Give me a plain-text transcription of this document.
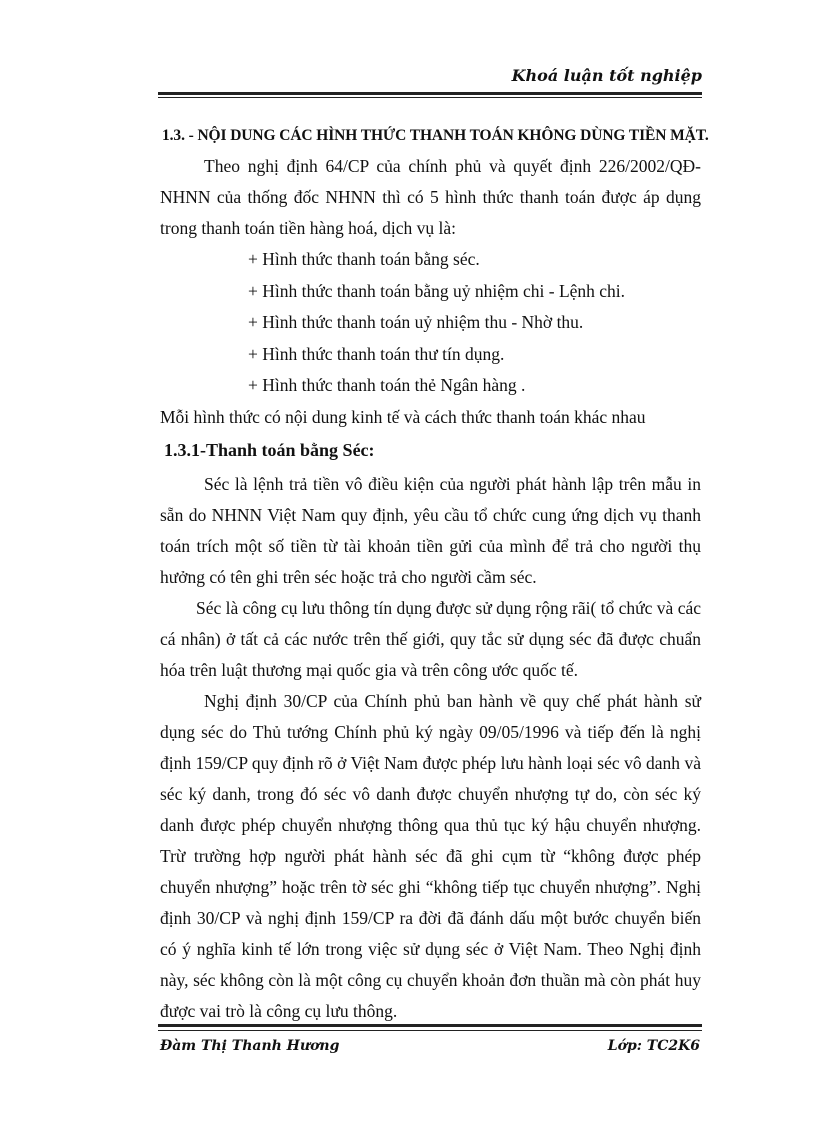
Khoá luận tốt nghiệp
1.3. - NỘI DUNG CÁC HÌNH THỨC THANH TOÁN KHÔNG DÙNG TIỀN MẶT.

Theo nghị định 64/CP của chính phủ và quyết định 226/2002/QĐ-NHNN của thống đốc NHNN thì có 5 hình thức thanh toán được áp dụng trong thanh toán tiền hàng hoá, dịch vụ là:

+ Hình thức thanh toán bằng séc.
+ Hình thức thanh toán bằng uỷ nhiệm chi - Lệnh chi.
+ Hình thức thanh toán uỷ nhiệm thu - Nhờ thu.
+ Hình thức thanh toán thư tín dụng.
+ Hình thức thanh toán thẻ Ngân hàng .

Mỗi hình thức có nội dung kinh tế và cách thức thanh toán khác nhau

1.3.1-Thanh toán bằng Séc:

Séc là lệnh trả tiền vô điều kiện của người phát hành lập trên mẫu in sẵn do NHNN Việt Nam quy định, yêu cầu tổ chức cung ứng dịch vụ thanh toán trích một số tiền từ tài khoản tiền gửi của mình để trả cho người thụ hưởng có tên ghi trên séc hoặc trả cho người cầm séc.

Séc là công cụ lưu thông tín dụng được sử dụng rộng rãi( tổ chức và các cá nhân) ở tất cả các nước trên thế giới, quy tắc sử dụng séc đã được chuẩn hóa trên luật thương mại quốc gia và trên công ước quốc tế.

Nghị định 30/CP của Chính phủ ban hành về quy chế phát hành sử dụng séc do Thủ tướng Chính phủ ký ngày 09/05/1996 và tiếp đến là nghị định 159/CP quy định rõ ở Việt Nam được phép lưu hành loại séc vô danh và séc ký danh, trong đó séc vô danh được chuyển nhượng tự do, còn séc ký danh được phép chuyển nhượng thông qua thủ tục ký hậu chuyển nhượng. Trừ trường hợp người phát hành séc đã ghi cụm từ “không được phép chuyển nhượng” hoặc trên tờ séc ghi “không tiếp tục chuyển nhượng”. Nghị định 30/CP và nghị định 159/CP ra đời đã đánh dấu một bước chuyển biến có ý nghĩa kinh tế lớn trong việc sử dụng séc ở Việt Nam. Theo Nghị định này, séc không còn là một công cụ chuyển khoản đơn thuần mà còn phát huy được vai trò là công cụ lưu thông.

Đàm Thị Thanh Hương	Lớp: TC2K6
